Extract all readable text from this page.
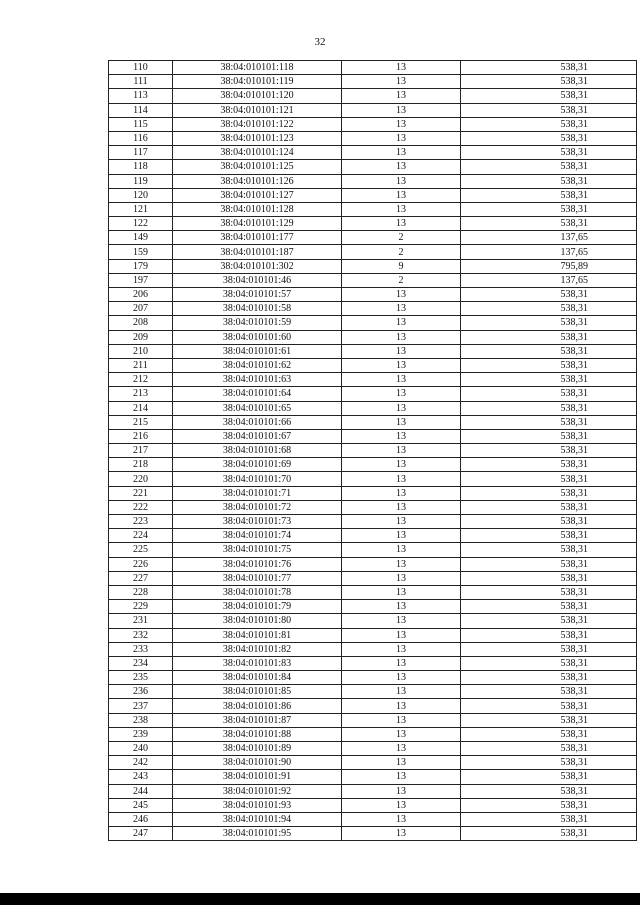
32
110	38:04:010101:118	13	538,31
111	38:04:010101:119	13	538,31
113	38:04:010101:120	13	538,31
114	38:04:010101:121	13	538,31
115	38:04:010101:122	13	538,31
116	38:04:010101:123	13	538,31
117	38:04:010101:124	13	538,31
118	38:04:010101:125	13	538,31
119	38:04:010101:126	13	538,31
120	38:04:010101:127	13	538,31
121	38:04:010101:128	13	538,31
122	38:04:010101:129	13	538,31
149	38:04:010101:177	2	137,65
159	38:04:010101:187	2	137,65
179	38:04:010101:302	9	795,89
197	38:04:010101:46	2	137,65
206	38:04:010101:57	13	538,31
207	38:04:010101:58	13	538,31
208	38:04:010101:59	13	538,31
209	38:04:010101:60	13	538,31
210	38:04:010101:61	13	538,31
211	38:04:010101:62	13	538,31
212	38:04:010101:63	13	538,31
213	38:04:010101:64	13	538,31
214	38:04:010101:65	13	538,31
215	38:04:010101:66	13	538,31
216	38:04:010101:67	13	538,31
217	38:04:010101:68	13	538,31
218	38:04:010101:69	13	538,31
220	38:04:010101:70	13	538,31
221	38:04:010101:71	13	538,31
222	38:04:010101:72	13	538,31
223	38:04:010101:73	13	538,31
224	38:04:010101:74	13	538,31
225	38:04:010101:75	13	538,31
226	38:04:010101:76	13	538,31
227	38:04:010101:77	13	538,31
228	38:04:010101:78	13	538,31
229	38:04:010101:79	13	538,31
231	38:04:010101:80	13	538,31
232	38:04:010101:81	13	538,31
233	38:04:010101:82	13	538,31
234	38:04:010101:83	13	538,31
235	38:04:010101:84	13	538,31
236	38:04:010101:85	13	538,31
237	38:04:010101:86	13	538,31
238	38:04:010101:87	13	538,31
239	38:04:010101:88	13	538,31
240	38:04:010101:89	13	538,31
242	38:04:010101:90	13	538,31
243	38:04:010101:91	13	538,31
244	38:04:010101:92	13	538,31
245	38:04:010101:93	13	538,31
246	38:04:010101:94	13	538,31
247	38:04:010101:95	13	538,31
